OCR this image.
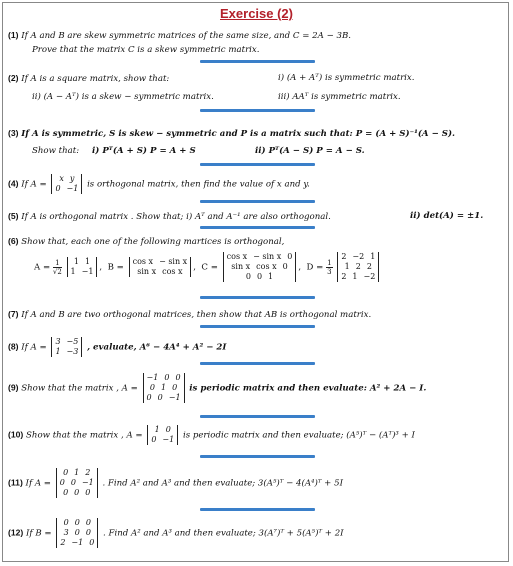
Exercise (2)
(1) If A and B are skew symmetric matrices of the same size, and C = 2A − 3B.
Prove that the matrix C is a skew symmetric matrix.
(2) If A is a square matrix, show that:	i) (A + Aᵀ) is symmetric matrix.
ii) (A − Aᵀ) is a skew − symmetric matrix.	iii) AAᵀ is symmetric matrix.
(3) If A is symmetric, S is skew − symmetric and P is a matrix such that: P = (A + S)⁻¹(A − S).
Show that: i) Pᵀ(A + S) P = A + S	ii) Pᵀ(A − S) P = A − S.
(4) If A =
x y
0 −1 is orthogonal matrix, then find the value of x and y.
(5) If A is orthogonal matrix . Show that; i) Aᵀ and A⁻¹ are also orthogonal.	ii) det(A) = ±1.
(6) Show that, each one of the following martices is orthogonal,
$A = \frac{1}{√2} 1$ 1
1 −1 ,  B =
cos x − sin x
sin x cos x ,  C =
cos x − sin x 0
sin x cos x 0
0 0 1
,  $D = \frac{1}{3}$
2 −2 1
1 2 2
2 1 −2
(7) If A and B are two orthogonal matrices, then show that AB is orthogonal matrix.
(8) If A =
3 −5
1 −3 , evaluate, A⁶ − 4A⁴ + A² − 2I
(9) Show that the matrix , A =
−1 0 0
0 1 0
0 0 −1
is periodic matrix and then evaluate: A² + 2A − I.
(10) Show that the matrix , A =
1 0
0 −1 is periodic matrix and then evaluate; (A⁵)ᵀ − (Aᵀ)³ + I
(11) If A =
0 1 2
0 0 −1
0 0 0
. Find A² and A³ and then evaluate; 3(A⁵)ᵀ − 4(A⁴)ᵀ + 5I
(12) If B =
0 0 0
3 0 0
2 −1 0
. Find A² and A³ and then evaluate; 3(A⁷)ᵀ + 5(A⁵)ᵀ + 2I
